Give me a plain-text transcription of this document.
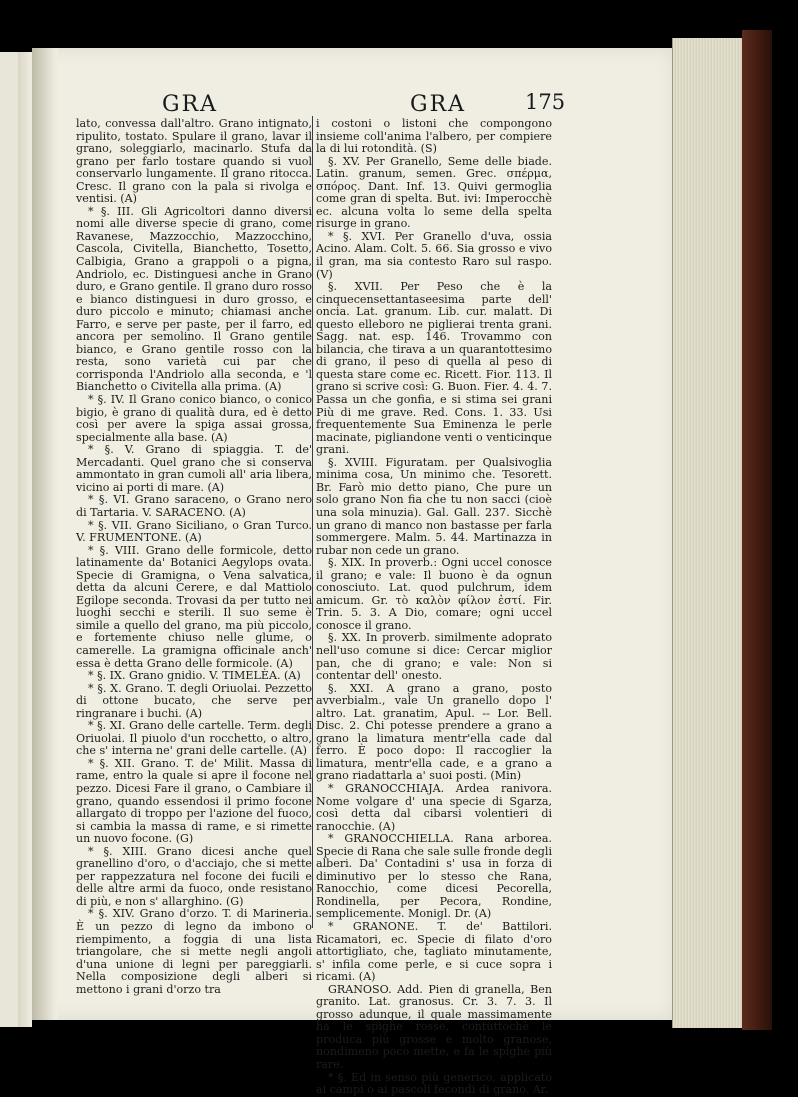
GRA	GRA	175

lato, convessa dall'altro. Grano intignato, ripulito, tostato. Spulare il grano, lavar il grano, soleggiarlo, macinarlo. Stufa da grano per farlo tostare quando si vuol conservarlo lungamente. Il grano ritocca. Cresc. Il grano con la pala si rivolga e ventisi. (A)

* §. III. Gli Agricoltori danno diversi nomi alle diverse specie di grano, come Ravanese, Mazzocchio, Mazzocchino, Cascola, Civitella, Bianchetto, Tosetto, Calbigia, Grano a grappoli o a pigna, Andriolo, ec. Distinguesi anche in Grano duro, e Grano gentile. Il grano duro rosso e bianco distinguesi in duro grosso, e duro piccolo e minuto; chiamasi anche Farro, e serve per paste, per il farro, ed ancora per semolino. Il Grano gentile bianco, e Grano gentile rosso con la resta, sono varietà cui par che corrisponda l'Andriolo alla seconda, e 'l Bianchetto o Civitella alla prima. (A)

* §. IV. Il Grano conico bianco, o conico bigio, è grano di qualità dura, ed è detto così per avere la spiga assai grossa, specialmente alla base. (A)

* §. V. Grano di spiaggia. T. de' Mercadanti. Quel grano che si conserva ammontato in gran cumoli all' aria libera, vicino ai porti di mare. (A)

* §. VI. Grano saraceno, o Grano nero di Tartaria. V. SARACENO. (A)

* §. VII. Grano Siciliano, o Gran Turco. V. FRUMENTONE. (A)

* §. VIII. Grano delle formicole, detto latinamente da' Botanici Aegylops ovata. Specie di Gramigna, o Vena salvatica, detta da alcuni Cerere, e dal Mattiolo Egilope seconda. Trovasi da per tutto nei luoghi secchi e sterili. Il suo seme è simile a quello del grano, ma più piccolo, e fortemente chiuso nelle glume, o camerelle. La gramigna officinale anch' essa è detta Grano delle formicole. (A)

* §. IX. Grano gnidio. V. TIMELÈA. (A)

* §. X. Grano. T. degli Oriuolai. Pezzetto di ottone bucato, che serve per ringranare i buchi. (A)

* §. XI. Grano delle cartelle. Term. degli Oriuolai. Il piuolo d'un rocchetto, o altro, che s' interna ne' grani delle cartelle. (A)

* §. XII. Grano. T. de' Milit. Massa di rame, entro la quale si apre il focone nel pezzo. Dicesi Fare il grano, o Cambiare il grano, quando essendosi il primo focone allargato di troppo per l'azione del fuoco, si cambia la massa di rame, e si rimette un nuovo focone. (G)

* §. XIII. Grano dicesi anche quel granellino d'oro, o d'acciajo, che si mette per rappezzatura nel focone dei fucili e delle altre armi da fuoco, onde resistano di più, e non s' allarghino. (G)

* §. XIV. Grano d'orzo. T. di Marineria. È un pezzo di legno da imbono o riempimento, a foggia di una lista triangolare, che si mette negli angoli d'una unione di legni per pareggiarli. Nella composizione degli alberi si mettono i grani d'orzo tra

i costoni o listoni che compongono insieme coll'anima l'albero, per compiere la di lui rotondità. (S)

§. XV. Per Granello, Seme delle biade. Latin. granum, semen. Grec. σπέρμα, σπόρος. Dant. Inf. 13. Quivi germoglia come gran di spelta. But. ivi: Imperocchè ec. alcuna volta lo seme della spelta risurge in grano.

* §. XVI. Per Granello d'uva, ossia Acino. Alam. Colt. 5. 66. Sia grosso e vivo il gran, ma sia contesto Raro sul raspo. (V)

§. XVII. Per Peso che è la cinquecensettantaseesima parte dell' oncia. Lat. granum. Lib. cur. malatt. Di questo elleboro ne piglierai trenta grani. Sagg. nat. esp. 146. Trovammo con bilancia, che tirava a un quarantottesimo di grano, il peso di quella al peso di questa stare come ec. Ricett. Fior. 113. Il grano si scrive così: G. Buon. Fier. 4. 4. 7. Passa un che gonfia, e si stima sei grani Più di me grave. Red. Cons. 1. 33. Usi frequentemente Sua Eminenza le perle macinate, pigliandone venti o venticinque grani.

§. XVIII. Figuratam. per Qualsivoglia minima cosa, Un minimo che. Tesorett. Br. Farò mio detto piano, Che pure un solo grano Non fia che tu non sacci (cioè una sola minuzia). Gal. Gall. 237. Sicchè un grano di manco non bastasse per farla sommergere. Malm. 5. 44. Martinazza in rubar non cede un grano.

§. XIX. In proverb.: Ogni uccel conosce il grano; e vale: Il buono è da ognun conosciuto. Lat. quod pulchrum, idem amicum. Gr. τὸ καλὸν φίλον ἐστί. Fir. Trin. 5. 3. A Dio, comare; ogni uccel conosce il grano.

§. XX. In proverb. similmente adoprato nell'uso comune si dice: Cercar miglior pan, che di grano; e vale: Non si contentar dell' onesto.

§. XXI. A grano a grano, posto avverbialm., vale Un granello dopo l' altro. Lat. granatim, Apul. -- Lor. Bell. Disc. 2. Chi potesse prendere a grano a grano la limatura mentr'ella cade dal ferro. È poco dopo: Il raccoglier la limatura, mentr'ella cade, e a grano a grano riadattarla a' suoi posti. (Min)

* GRANOCCHIAJA. Ardea ranivora. Nome volgare d' una specie di Sgarza, così detta dal cibarsi volentieri di ranocchie. (A)

* GRANOCCHIELLA. Rana arborea. Specie di Rana che sale sulle fronde degli alberi. Da' Contadini s' usa in forza di diminutivo per lo stesso che Rana, Ranocchio, come dicesi Pecorella, Rondinella, per Pecora, Rondine, semplicemente. Monigl. Dr. (A)

* GRANONE. T. de' Battilori. Ricamatori, ec. Specie di filato d'oro attortigliato, che, tagliato minutamente, s' infila come perle, e si cuce sopra i ricami. (A)

GRANOSO. Add. Pien di granella, Ben granito. Lat. granosus. Cr. 3. 7. 3. Il grosso adunque, il quale massimamente ha le spighe rosse, contuttochè le produca più grosse e molto granose, nondimeno poco mette, e fa le spighe più rare.

* §. Ed in senso più generico, applicato ai campi o ai pascoli fecondi di grano. Ar.
